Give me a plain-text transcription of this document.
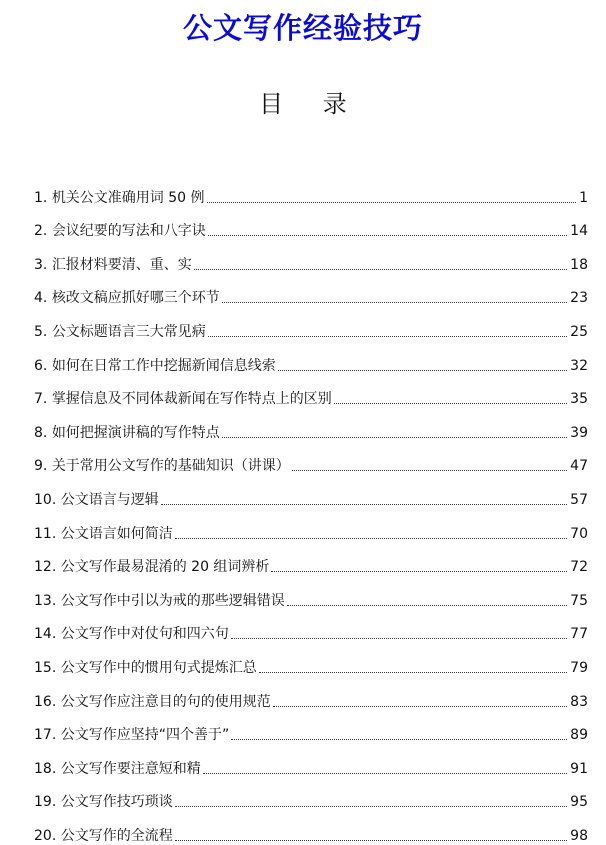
公文写作经验技巧
目 录
1. 机关公文准确用词 50 例	1
2. 会议纪要的写法和八字诀	14
3. 汇报材料要清、重、实	18
4. 核改文稿应抓好哪三个环节	23
5. 公文标题语言三大常见病	25
6. 如何在日常工作中挖掘新闻信息线索	32
7. 掌握信息及不同体裁新闻在写作特点上的区别	35
8. 如何把握演讲稿的写作特点	39
9. 关于常用公文写作的基础知识（讲课）	47
10. 公文语言与逻辑	57
11. 公文语言如何简洁	70
12. 公文写作最易混淆的 20 组词辨析	72
13. 公文写作中引以为戒的那些逻辑错误	75
14. 公文写作中对仗句和四六句	77
15. 公文写作中的惯用句式提炼汇总	79
16. 公文写作应注意目的句的使用规范	83
17. 公文写作应坚持“四个善于”	89
18. 公文写作要注意短和精	91
19. 公文写作技巧琐谈	95
20. 公文写作的全流程	98
